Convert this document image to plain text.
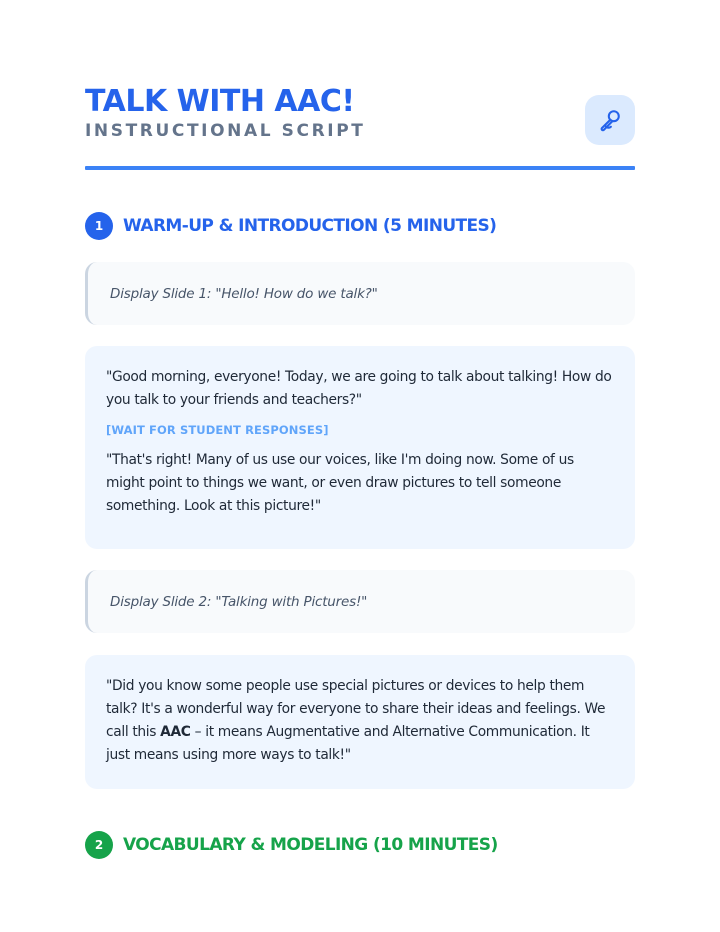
TALK WITH AAC!
INSTRUCTIONAL SCRIPT
1	WARM-UP & INTRODUCTION (5 MINUTES)
Display Slide 1: "Hello! How do we talk?"

"Good morning, everyone! Today, we are going to talk about talking! How do you talk to your friends and teachers?"

[WAIT FOR STUDENT RESPONSES]

"That's right! Many of us use our voices, like I'm doing now. Some of us might point to things we want, or even draw pictures to tell someone something. Look at this picture!"

Display Slide 2: "Talking with Pictures!"

"Did you know some people use special pictures or devices to help them talk? It's a wonderful way for everyone to share their ideas and feelings. We call this AAC – it means Augmentative and Alternative Communication. It just means using more ways to talk!"

2	VOCABULARY & MODELING (10 MINUTES)
